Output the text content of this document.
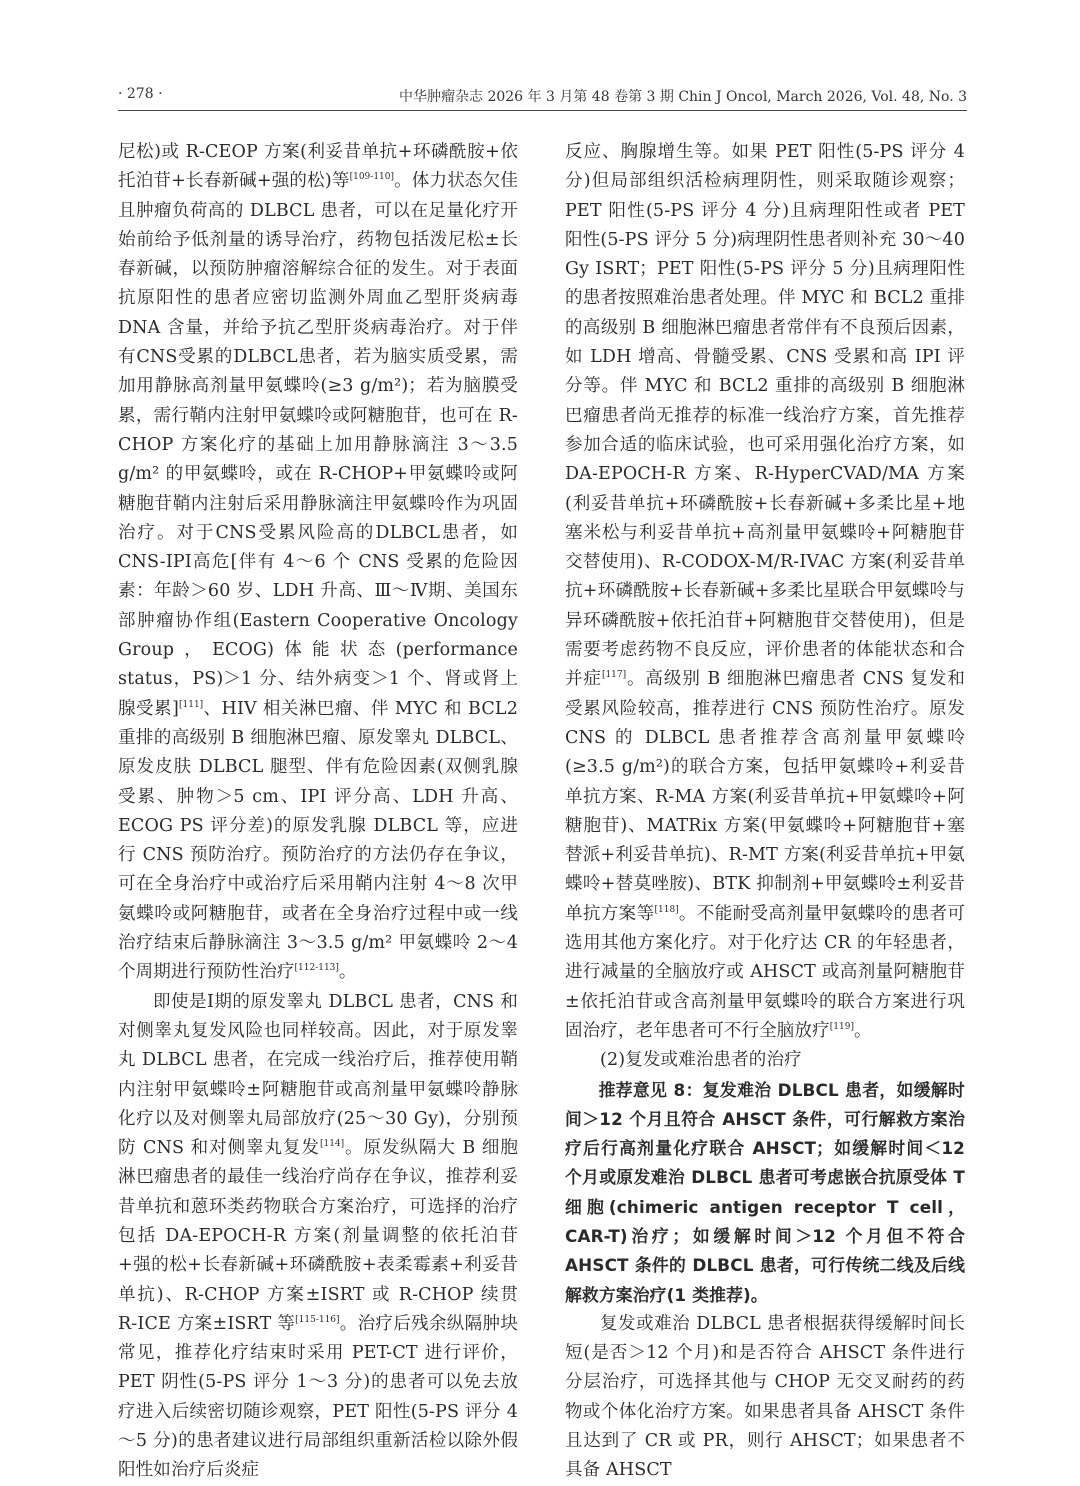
· 278 ·	中华肿瘤杂志 2026 年 3 月第 48 卷第 3 期 Chin J Oncol, March 2026, Vol. 48, No. 3

尼松)或 R-CEOP 方案(利妥昔单抗+环磷酰胺+依托泊苷+长春新碱+强的松)等[109-110]。体力状态欠佳且肿瘤负荷高的 DLBCL 患者，可以在足量化疗开始前给予低剂量的诱导治疗，药物包括泼尼松±长春新碱，以预防肿瘤溶解综合征的发生。对于表面抗原阳性的患者应密切监测外周血乙型肝炎病毒 DNA 含量，并给予抗乙型肝炎病毒治疗。对于伴有CNS受累的DLBCL患者，若为脑实质受累，需加用静脉高剂量甲氨蝶呤(≥3 g/m²)；若为脑膜受累，需行鞘内注射甲氨蝶呤或阿糖胞苷，也可在 R-CHOP 方案化疗的基础上加用静脉滴注 3～3.5 g/m² 的甲氨蝶呤，或在 R-CHOP+甲氨蝶呤或阿糖胞苷鞘内注射后采用静脉滴注甲氨蝶呤作为巩固治疗。对于CNS受累风险高的DLBCL患者，如CNS-IPI高危[伴有 4～6 个 CNS 受累的危险因素：年龄＞60 岁、LDH 升高、Ⅲ～Ⅳ期、美国东部肿瘤协作组(Eastern Cooperative Oncology Group，ECOG)体能状态(performance status，PS)＞1 分、结外病变＞1 个、肾或肾上腺受累][111]、HIV 相关淋巴瘤、伴 MYC 和 BCL2 重排的高级别 B 细胞淋巴瘤、原发睾丸 DLBCL、原发皮肤 DLBCL 腿型、伴有危险因素(双侧乳腺受累、肿物＞5 cm、IPI 评分高、LDH 升高、ECOG PS 评分差)的原发乳腺 DLBCL 等，应进行 CNS 预防治疗。预防治疗的方法仍存在争议，可在全身治疗中或治疗后采用鞘内注射 4～8 次甲氨蝶呤或阿糖胞苷，或者在全身治疗过程中或一线治疗结束后静脉滴注 3～3.5 g/m² 甲氨蝶呤 2～4 个周期进行预防性治疗[112-113]。

即使是Ⅰ期的原发睾丸 DLBCL 患者，CNS 和对侧睾丸复发风险也同样较高。因此，对于原发睾丸 DLBCL 患者，在完成一线治疗后，推荐使用鞘内注射甲氨蝶呤±阿糖胞苷或高剂量甲氨蝶呤静脉化疗以及对侧睾丸局部放疗(25～30 Gy)，分别预防 CNS 和对侧睾丸复发[114]。原发纵隔大 B 细胞淋巴瘤患者的最佳一线治疗尚存在争议，推荐利妥昔单抗和蒽环类药物联合方案治疗，可选择的治疗包括 DA-EPOCH-R 方案(剂量调整的依托泊苷+强的松+长春新碱+环磷酰胺+表柔霉素+利妥昔单抗)、R-CHOP 方案±ISRT 或 R-CHOP 续贯 R-ICE 方案±ISRT 等[115-116]。治疗后残余纵隔肿块常见，推荐化疗结束时采用 PET-CT 进行评价，PET 阴性(5-PS 评分 1～3 分)的患者可以免去放疗进入后续密切随诊观察，PET 阳性(5-PS 评分 4～5 分)的患者建议进行局部组织重新活检以除外假阳性如治疗后炎症

反应、胸腺增生等。如果 PET 阳性(5-PS 评分 4 分)但局部组织活检病理阴性，则采取随诊观察；PET 阳性(5-PS 评分 4 分)且病理阳性或者 PET 阳性(5-PS 评分 5 分)病理阴性患者则补充 30～40 Gy ISRT；PET 阳性(5-PS 评分 5 分)且病理阳性的患者按照难治患者处理。伴 MYC 和 BCL2 重排的高级别 B 细胞淋巴瘤患者常伴有不良预后因素，如 LDH 增高、骨髓受累、CNS 受累和高 IPI 评分等。伴 MYC 和 BCL2 重排的高级别 B 细胞淋巴瘤患者尚无推荐的标准一线治疗方案，首先推荐参加合适的临床试验，也可采用强化治疗方案，如 DA-EPOCH-R 方案、R-HyperCVAD/MA 方案(利妥昔单抗+环磷酰胺+长春新碱+多柔比星+地塞米松与利妥昔单抗+高剂量甲氨蝶呤+阿糖胞苷交替使用)、R-CODOX-M/R-IVAC 方案(利妥昔单抗+环磷酰胺+长春新碱+多柔比星联合甲氨蝶呤与异环磷酰胺+依托泊苷+阿糖胞苷交替使用)，但是需要考虑药物不良反应，评价患者的体能状态和合并症[117]。高级别 B 细胞淋巴瘤患者 CNS 复发和受累风险较高，推荐进行 CNS 预防性治疗。原发 CNS 的 DLBCL 患者推荐含高剂量甲氨蝶呤(≥3.5 g/m²)的联合方案，包括甲氨蝶呤+利妥昔单抗方案、R-MA 方案(利妥昔单抗+甲氨蝶呤+阿糖胞苷)、MATRix 方案(甲氨蝶呤+阿糖胞苷+塞替派+利妥昔单抗)、R-MT 方案(利妥昔单抗+甲氨蝶呤+替莫唑胺)、BTK 抑制剂+甲氨蝶呤±利妥昔单抗方案等[118]。不能耐受高剂量甲氨蝶呤的患者可选用其他方案化疗。对于化疗达 CR 的年轻患者，进行减量的全脑放疗或 AHSCT 或高剂量阿糖胞苷±依托泊苷或含高剂量甲氨蝶呤的联合方案进行巩固治疗，老年患者可不行全脑放疗[119]。

(2)复发或难治患者的治疗

推荐意见 8：复发难治 DLBCL 患者，如缓解时间＞12 个月且符合 AHSCT 条件，可行解救方案治疗后行高剂量化疗联合 AHSCT；如缓解时间＜12 个月或原发难治 DLBCL 患者可考虑嵌合抗原受体 T 细胞(chimeric antigen receptor T cell，CAR-T)治疗；如缓解时间＞12 个月但不符合 AHSCT 条件的 DLBCL 患者，可行传统二线及后线解救方案治疗(1 类推荐)。

复发或难治 DLBCL 患者根据获得缓解时间长短(是否＞12 个月)和是否符合 AHSCT 条件进行分层治疗，可选择其他与 CHOP 无交叉耐药的药物或个体化治疗方案。如果患者具备 AHSCT 条件且达到了 CR 或 PR，则行 AHSCT；如果患者不具备 AHSCT
